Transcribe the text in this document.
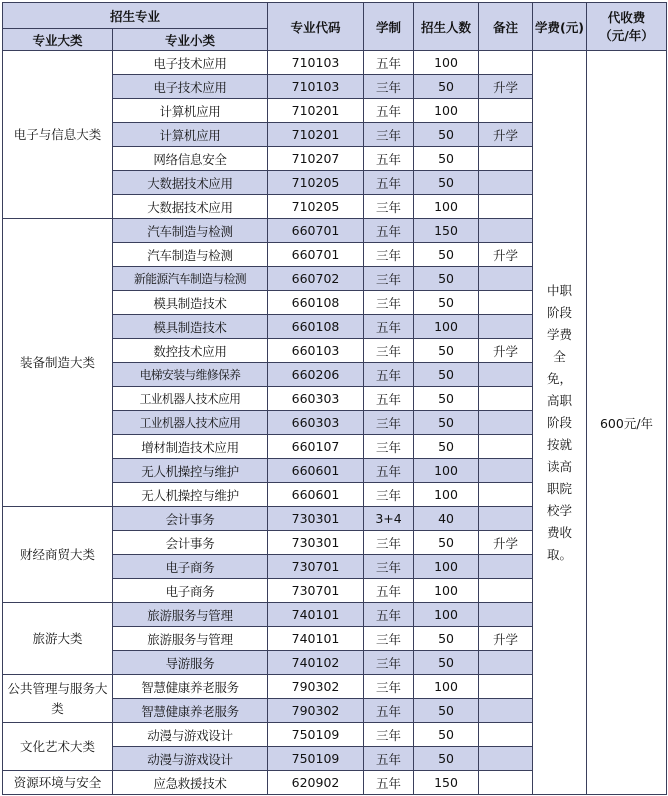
招生专业		专业代码	学制	招生人数	备注	学费(元)	代收费（元/年）
专业大类	专业小类						
电子与信息大类	电子技术应用	710103	五年	100		中职阶段学费全免，高职阶段按就读高职院校学费收取。	600元/年
	电子技术应用	710103	三年	50	升学		
	计算机应用	710201	五年	100			
	计算机应用	710201	三年	50	升学		
	网络信息安全	710207	五年	50			
	大数据技术应用	710205	五年	50			
	大数据技术应用	710205	三年	100			
装备制造大类	汽车制造与检测	660701	五年	150			
	汽车制造与检测	660701	三年	50	升学		
	新能源汽车制造与检测	660702	三年	50			
	模具制造技术	660108	三年	50			
	模具制造技术	660108	五年	100			
	数控技术应用	660103	三年	50	升学		
	电梯安装与维修保养	660206	五年	50			
	工业机器人技术应用	660303	五年	50			
	工业机器人技术应用	660303	三年	50			
	增材制造技术应用	660107	三年	50			
	无人机操控与维护	660601	五年	100			
	无人机操控与维护	660601	三年	100			
财经商贸大类	会计事务	730301	3+4	40			
	会计事务	730301	三年	50	升学		
	电子商务	730701	三年	100			
	电子商务	730701	五年	100			
旅游大类	旅游服务与管理	740101	五年	100			
	旅游服务与管理	740101	三年	50	升学		
	导游服务	740102	三年	50			
公共管理与服务大类	智慧健康养老服务	790302	三年	100			
	智慧健康养老服务	790302	五年	50			
文化艺术大类	动漫与游戏设计	750109	三年	50			
	动漫与游戏设计	750109	五年	50			
资源环境与安全	应急救援技术	620902	五年	150			
